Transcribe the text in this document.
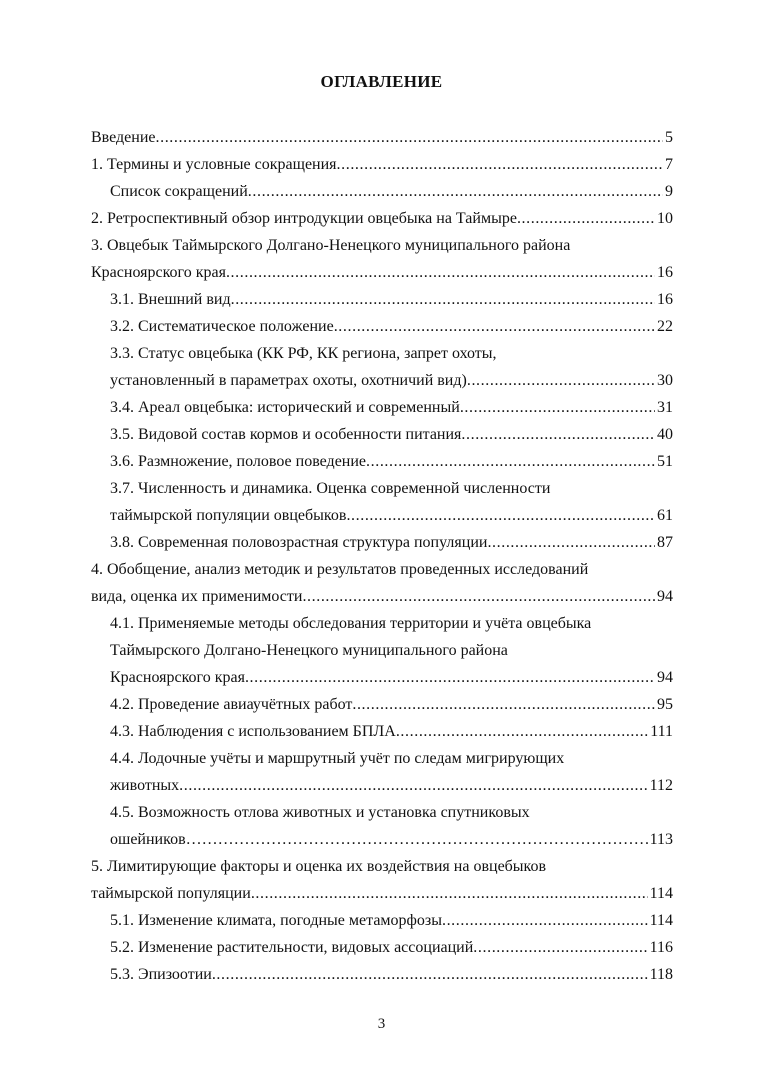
ОГЛАВЛЕНИЕ
Введение .....	5
1. Термины и условные сокращения .....	7
Список сокращений .....	9
2. Ретроспективный обзор интродукции овцебыка на Таймыре .....	10
3. Овцебык Таймырского Долгано-Ненецкого муниципального района
Красноярского края .....	16
3.1. Внешний вид .....	16
3.2. Систематическое положение .....	22
3.3. Статус овцебыка (КК РФ, КК региона, запрет охоты,
установленный в параметрах охоты, охотничий вид) .....	30
3.4. Ареал овцебыка: исторический и современный .....	31
3.5. Видовой состав кормов и особенности питания .....	40
3.6. Размножение, половое поведение .....	51
3.7. Численность и динамика. Оценка современной численности
таймырской популяции овцебыков .....	61
3.8. Современная половозрастная структура популяции .....	87
4. Обобщение, анализ методик и результатов проведенных исследований
вида, оценка их применимости .....	94
4.1. Применяемые методы обследования территории и учёта овцебыка
Таймырского Долгано-Ненецкого муниципального района
Красноярского края .....	94
4.2. Проведение авиаучётных работ .....	95
4.3. Наблюдения с использованием БПЛА .....	111
4.4. Лодочные учёты и маршрутный учёт по следам мигрирующих
животных .....	112
4.5. Возможность отлова животных и установка спутниковых
ошейников ………………………………………………………………………………………………………………………………………………………………………	113
5. Лимитирующие факторы и оценка их воздействия на овцебыков
таймырской популяции .....	114
5.1. Изменение климата, погодные метаморфозы .....	114
5.2. Изменение растительности, видовых ассоциаций .....	116
5.3. Эпизоотии .....	118
3
